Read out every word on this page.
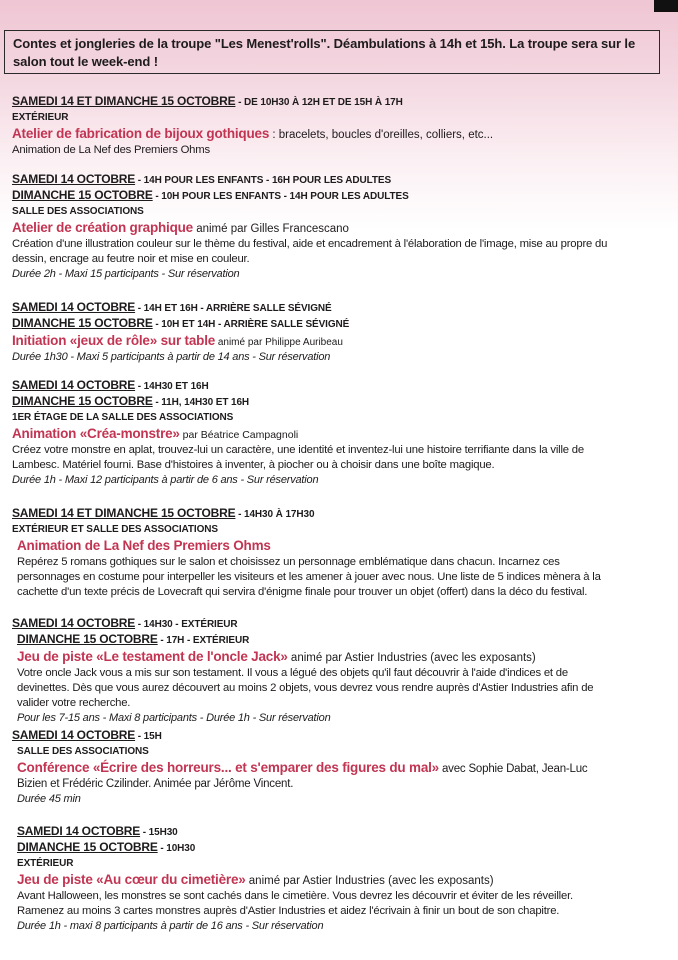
Contes et jongleries de la troupe "Les Menest'rolls". Déambulations à 14h et 15h. La troupe sera sur le salon tout le week-end !
SAMEDI 14 ET DIMANCHE 15 OCTOBRE - DE 10H30 À 12H ET DE 15H À 17H
EXTÉRIEUR
Atelier de fabrication de bijoux gothiques : bracelets, boucles d'oreilles, colliers, etc...
Animation de La Nef des Premiers Ohms
SAMEDI 14 OCTOBRE - 14H POUR LES ENFANTS - 16H POUR LES ADULTES
DIMANCHE 15 OCTOBRE - 10H POUR LES ENFANTS - 14H POUR LES ADULTES
SALLE DES ASSOCIATIONS
Atelier de création graphique animé par Gilles Francescano
Création d'une illustration couleur sur le thème du festival, aide et encadrement à l'élaboration de l'image, mise au propre du dessin, encrage au feutre noir et mise en couleur.
Durée 2h - Maxi 15 participants - Sur réservation
SAMEDI 14 OCTOBRE - 14H ET 16H - ARRIÈRE SALLE SÉVIGNÉ
DIMANCHE 15 OCTOBRE - 10H ET 14H - ARRIÈRE SALLE SÉVIGNÉ
Initiation «jeux de rôle» sur table animé par Philippe Auribeau
Durée 1h30 - Maxi 5 participants à partir de 14 ans - Sur réservation
SAMEDI 14 OCTOBRE - 14H30 ET 16H
DIMANCHE 15 OCTOBRE - 11H, 14H30 ET 16H
1ER ÉTAGE DE LA SALLE DES ASSOCIATIONS
Animation «Créa-monstre» par Béatrice Campagnoli
Créez votre monstre en aplat, trouvez-lui un caractère, une identité et inventez-lui une histoire terrifiante dans la ville de Lambesc. Matériel fourni. Base d'histoires à inventer, à piocher ou à choisir dans une boîte magique.
Durée 1h - Maxi 12 participants à partir de 6 ans - Sur réservation
SAMEDI 14 ET DIMANCHE 15 OCTOBRE - 14H30 À 17H30
EXTÉRIEUR ET SALLE DES ASSOCIATIONS
Animation de La Nef des Premiers Ohms
Repérez 5 romans gothiques sur le salon et choisissez un personnage emblématique dans chacun. Incarnez ces personnages en costume pour interpeller les visiteurs et les amener à jouer avec nous. Une liste de 5 indices mènera à la cachette d'un texte précis de Lovecraft qui servira d'énigme finale pour trouver un objet (offert) dans la déco du festival.
SAMEDI 14 OCTOBRE - 14H30 - EXTÉRIEUR
DIMANCHE 15 OCTOBRE - 17H - EXTÉRIEUR
Jeu de piste «Le testament de l'oncle Jack» animé par Astier Industries (avec les exposants)
Votre oncle Jack vous a mis sur son testament. Il vous a légué des objets qu'il faut découvrir à l'aide d'indices et de devinettes. Dès que vous aurez découvert au moins 2 objets, vous devrez vous rendre auprès d'Astier Industries afin de valider votre recherche.
Pour les 7-15 ans - Maxi 8 participants - Durée 1h - Sur réservation
SAMEDI 14 OCTOBRE - 15H
SALLE DES ASSOCIATIONS
Conférence «Écrire des horreurs... et s'emparer des figures du mal» avec Sophie Dabat, Jean-Luc Bizien et Frédéric Czilinder. Animée par Jérôme Vincent.
Durée 45 min
SAMEDI 14 OCTOBRE - 15H30
DIMANCHE 15 OCTOBRE - 10H30
EXTÉRIEUR
Jeu de piste «Au cœur du cimetière» animé par Astier Industries (avec les exposants)
Avant Halloween, les monstres se sont cachés dans le cimetière. Vous devrez les découvrir et éviter de les réveiller. Ramenez au moins 3 cartes monstres auprès d'Astier Industries et aidez l'écrivain à finir un bout de son chapitre.
Durée 1h - maxi 8 participants à partir de 16 ans - Sur réservation
